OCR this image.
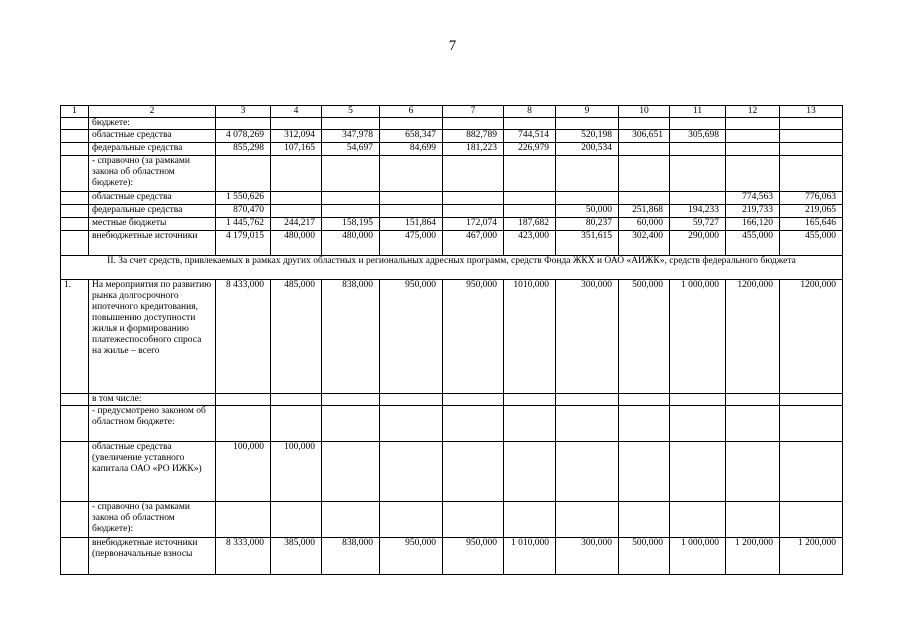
7
1	2	3	4	5	6	7	8	9	10	11	12	13
	бюджете:											
	областные средства	4 078,269	312,094	347,978	658,347	882,789	744,514	520,198	306,651	305,698		
	федеральные средства	855,298	107,165	54,697	84,699	181,223	226,979	200,534				
	- справочно (за рамками закона об областном бюджете):											
	областные средства	1 550,626									774,563	776,063
	федеральные средства	870,470						50,000	251,868	194,233	219,733	219,065
	местные бюджеты	1 445,762	244,217	158,195	151,864	172,074	187,682	80,237	60,000	59,727	166,120	165,646
	внебюджетные источники	4 179,015	480,000	480,000	475,000	467,000	423,000	351,615	302,400	290,000	455,000	455,000
II. За счет средств, привлекаемых в рамках других областных и региональных адресных программ, средств Фонда ЖКХ и ОАО «АИЖК», средств федерального бюджета												
1.	На мероприятия по развитию рынка долгосрочного ипотечного кредитования, повышению доступности жилья и формированию платежеспособного спроса на жилье – всего	8 433,000	485,000	838,000	950,000	950,000	1010,000	300,000	500,000	1 000,000	1200,000	1200,000
	в том числе:											
	- предусмотрено законом об областном бюджете:											
	областные средства (увеличение уставного капитала ОАО «РО ИЖК»)	100,000	100,000									
	- справочно (за рамками закона об областном бюджете):											
	внебюджетные источники (первоначальные взносы	8 333,000	385,000	838,000	950,000	950,000	1 010,000	300,000	500,000	1 000,000	1 200,000	1 200,000
